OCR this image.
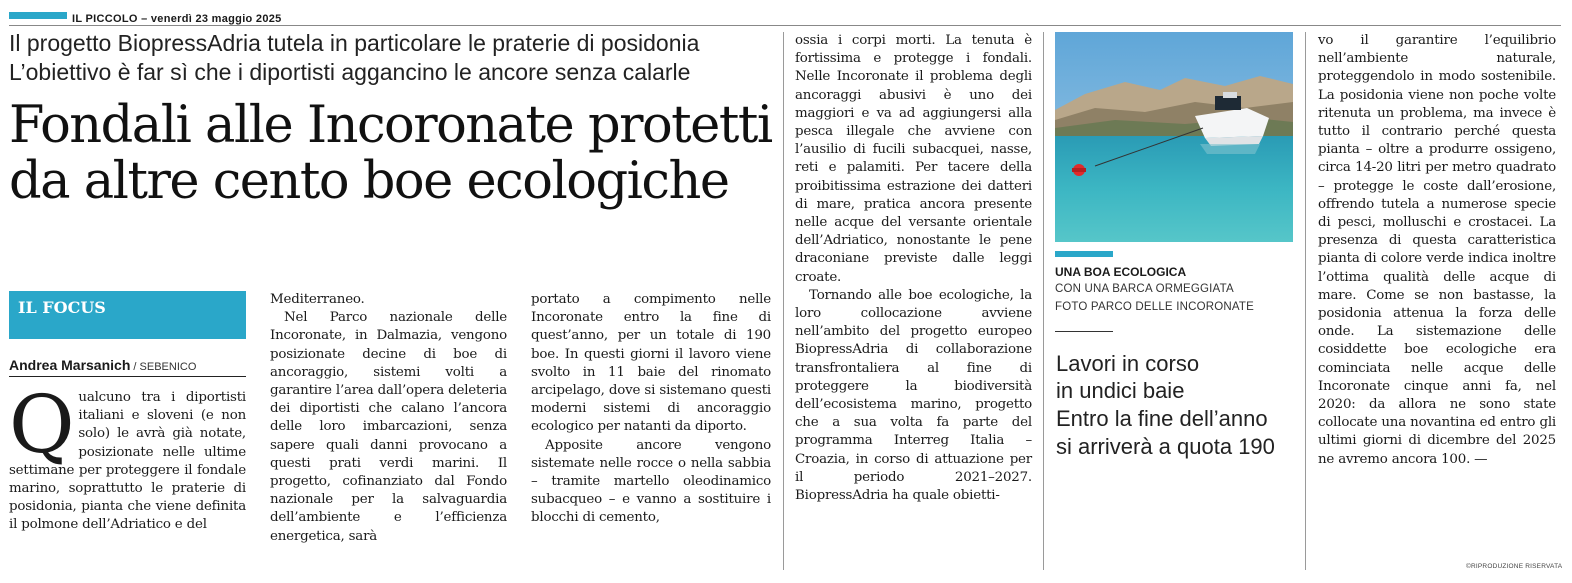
IL PICCOLO – venerdì 23 maggio 2025
Il progetto BiopressAdria tutela in particolare le praterie di posidonia
L’obiettivo è far sì che i diportisti aggancino le ancore senza calarle
Fondali alle Incoronate protetti
da altre cento boe ecologiche
IL FOCUS
Andrea Marsanich / SEBENICO
Q ualcuno tra i diportisti italiani e sloveni (e non solo) le avrà già notate, posizionate nelle ultime settimane per proteggere il fondale marino, soprattutto le praterie di posidonia, pianta che viene definita il polmone dell’Adriatico e del

Mediterraneo.

Nel Parco nazionale delle Incoronate, in Dalmazia, vengono posizionate decine di boe di ancoraggio, sistemi volti a garantire l’area dall’opera deleteria dei diportisti che calano l’ancora delle loro imbarcazioni, senza sapere quali danni provocano a questi prati verdi marini. Il progetto, cofinanziato dal Fondo nazionale per la salvaguardia dell’ambiente e l’efficienza energetica, sarà

portato a compimento nelle Incoronate entro la fine di quest’anno, per un totale di 190 boe. In questi giorni il lavoro viene svolto in 11 baie del rinomato arcipelago, dove si sistemano questi moderni sistemi di ancoraggio ecologico per natanti da diporto.

Apposite ancore vengono sistemate nelle rocce o nella sabbia – tramite martello oleodinamico subacqueo – e vanno a sostituire i blocchi di cemento,

ossia i corpi morti. La tenuta è fortissima e protegge i fondali. Nelle Incoronate il problema degli ancoraggi abusivi è uno dei maggiori e va ad aggiungersi alla pesca illegale che avviene con l’ausilio di fucili subacquei, nasse, reti e palamiti. Per tacere della proibitissima estrazione dei datteri di mare, pratica ancora presente nelle acque del versante orientale dell’Adriatico, nonostante le pene draconiane previste dalle leggi croate.

Tornando alle boe ecologiche, la loro collocazione avviene nell’ambito del progetto europeo BiopressAdria di collaborazione transfrontaliera al fine di proteggere la biodiversità dell’ecosistema marino, progetto che a sua volta fa parte del programma Interreg Italia – Croazia, in corso di attuazione per il periodo 2021–2027. BiopressAdria ha quale obietti-

UNA BOA ECOLOGICA
CON UNA BARCA ORMEGGIATA
FOTO PARCO DELLE INCORONATE
Lavori in corso
in undici baie
Entro la fine dell’anno
si arriverà a quota 190

vo il garantire l’equilibrio nell’ambiente naturale, proteggendolo in modo sostenibile. La posidonia viene non poche volte ritenuta un problema, ma invece è tutto il contrario perché questa pianta – oltre a produrre ossigeno, circa 14-20 litri per metro quadrato – protegge le coste dall’erosione, offrendo tutela a numerose specie di pesci, molluschi e crostacei. La presenza di questa caratteristica pianta di colore verde indica inoltre l’ottima qualità delle acque di mare. Come se non bastasse, la posidonia attenua la forza delle onde. La sistemazione delle cosiddette boe ecologiche era cominciata nelle acque delle Incoronate cinque anni fa, nel 2020: da allora ne sono state collocate una novantina ed entro gli ultimi giorni di dicembre del 2025 ne avremo ancora 100. —

©RIPRODUZIONE RISERVATA
